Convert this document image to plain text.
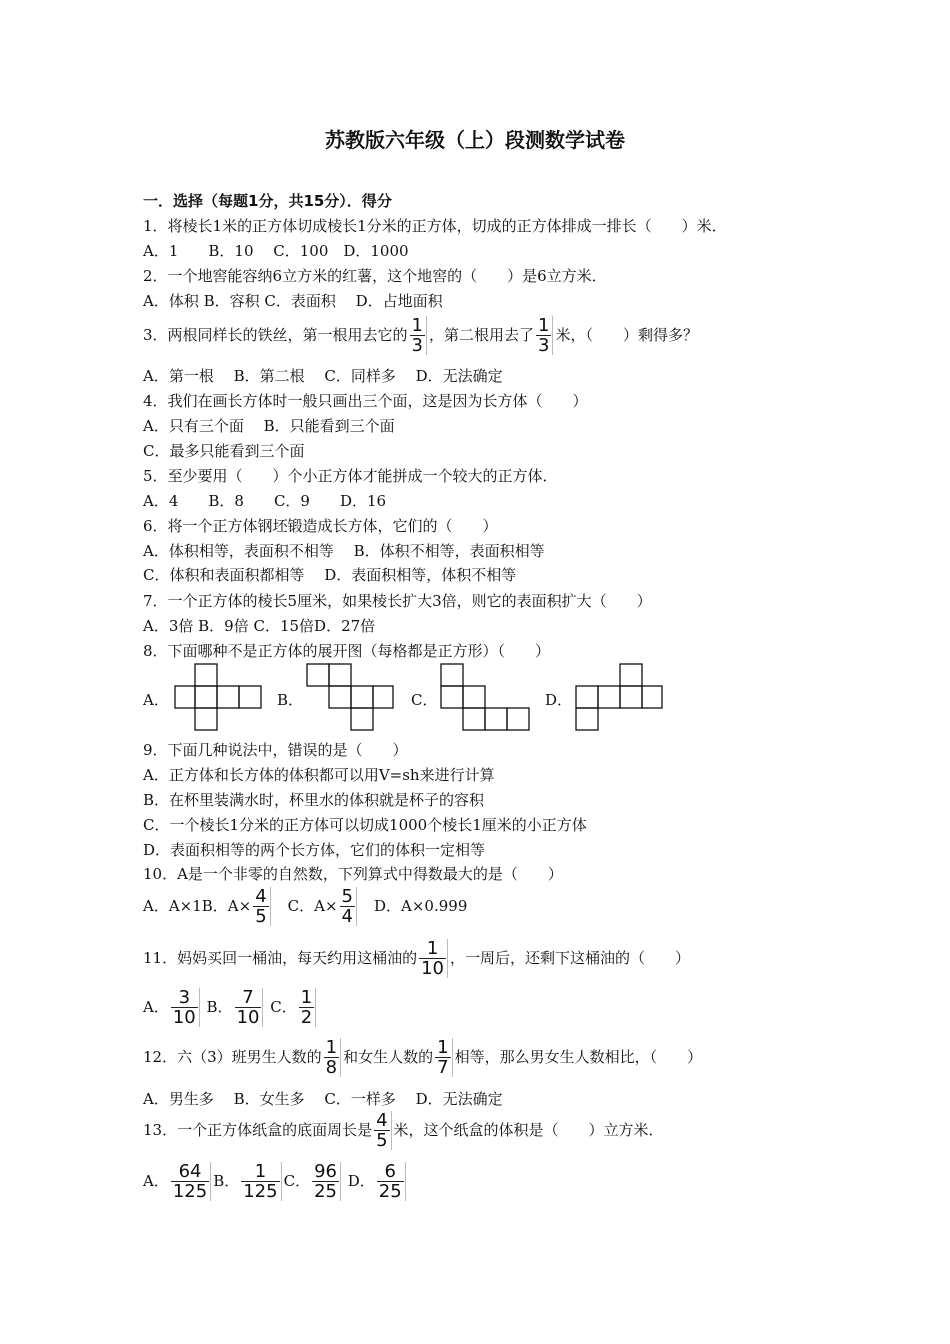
苏教版六年级（上）段测数学试卷
一．选择（每题1分，共15分）．得分
1．将棱长1米的正方体切成棱长1分米的正方体，切成的正方体排成一排长（　　）米．
A．1　　B．10　 C．100　D．1000
2．一个地窖能容纳6立方米的红薯，这个地窖的（　　）是6立方米．
A．体积 B．容积 C．表面积　 D．占地面积
3．两根同样长的铁丝，第一根用去它的 $\frac{1}{3}$ ，第二根用去了 $\frac{1}{3}$ 米，（　　）剩得多？
A．第一根　 B．第二根　 C．同样多　 D．无法确定
4．我们在画长方体时一般只画出三个面，这是因为长方体（　　）
A．只有三个面　 B．只能看到三个面
C．最多只能看到三个面
5．至少要用（　　）个小正方体才能拼成一个较大的正方体．
A．4　　B．8　　C．9　　D．16
6．将一个正方体钢坯锻造成长方体，它们的（　　）
A．体积相等，表面积不相等　 B．体积不相等，表面积相等
C．体积和表面积都相等　 D．表面积相等，体积不相等
7．一个正方体的棱长5厘米，如果棱长扩大3倍，则它的表面积扩大（　　）
A．3倍 B．9倍 C．15倍D．27倍
8．下面哪种不是正方体的展开图（每格都是正方形）（　　）
A．	B．	C．	D．
9．下面几种说法中，错误的是（　　）
A．正方体和长方体的体积都可以用V=sh来进行计算
B．在杯里装满水时，杯里水的体积就是杯子的容积
C．一个棱长1分米的正方体可以切成1000个棱长1厘米的小正方体
D．表面积相等的两个长方体，它们的体积一定相等
10．A是一个非零的自然数，下列算式中得数最大的是（　　）
A．A×1B．$A\times \frac{4}{5}$ 　C．$A\times \frac{5}{4}$ 　D．A×0.999
11．妈妈买回一桶油，每天约用这桶油的 $\frac{1}{10}$ ，一周后，还剩下这桶油的（　　）
A． $\frac{3}{10}$ B． $\frac{7}{10}$ C． $\frac{1}{2}$
12．六（3）班男生人数的 $\frac{1}{8}$ 和女生人数的 $\frac{1}{7}$ 相等，那么男女生人数相比，（　　）
A．男生多　 B．女生多　 C．一样多　 D．无法确定
13．一个正方体纸盒的底面周长是 $\frac{4}{5}$ 米，这个纸盒的体积是（　　）立方米．
A． $\frac{64}{125}$ B． $\frac{1}{125}$ C． $\frac{96}{25}$ D． $\frac{6}{25}$
